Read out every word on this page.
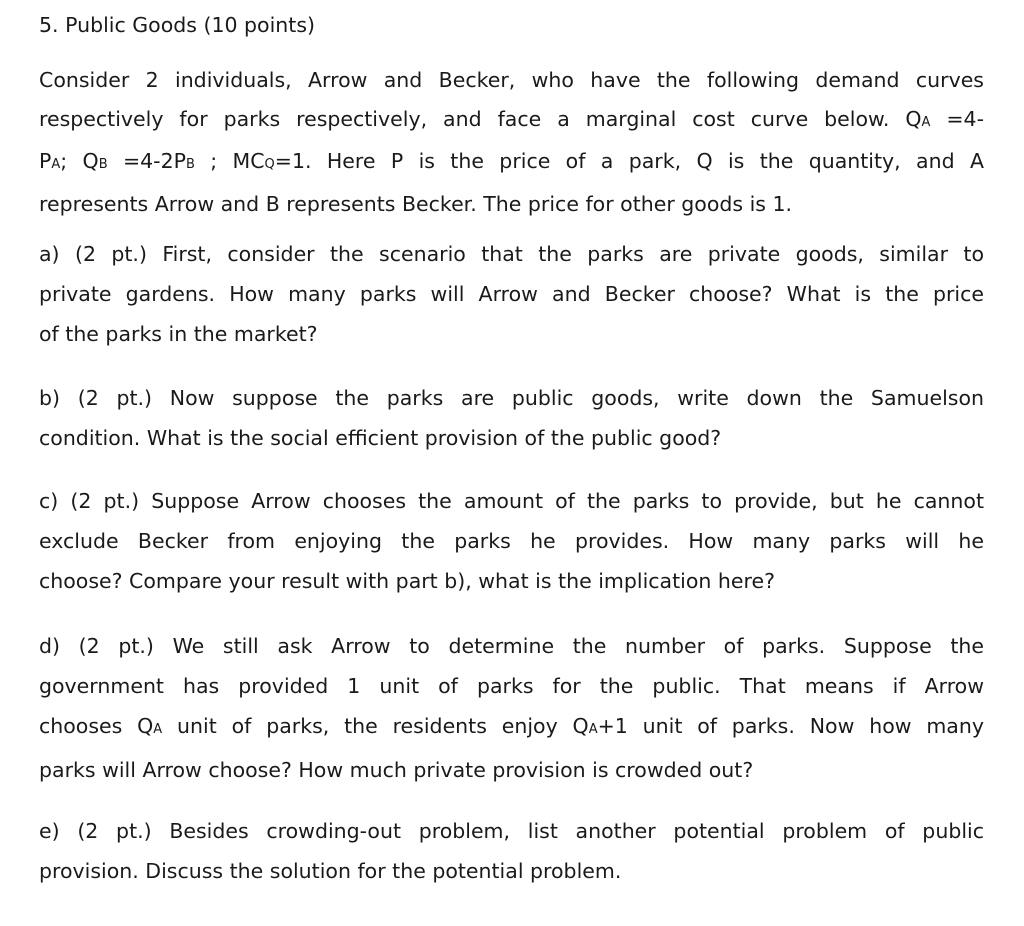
5. Public Goods (10 points)
Consider 2 individuals, Arrow and Becker, who have the following demand curves
respectively for parks respectively, and face a marginal cost curve below. QA =4-
PA; QB =4-2PB ; MCQ=1. Here P is the price of a park, Q is the quantity, and A
represents Arrow and B represents Becker. The price for other goods is 1.
a) (2 pt.) First, consider the scenario that the parks are private goods, similar to
private gardens. How many parks will Arrow and Becker choose? What is the price
of the parks in the market?
b) (2 pt.) Now suppose the parks are public goods, write down the Samuelson
condition. What is the social efficient provision of the public good?
c) (2 pt.) Suppose Arrow chooses the amount of the parks to provide, but he cannot
exclude Becker from enjoying the parks he provides. How many parks will he
choose? Compare your result with part b), what is the implication here?
d) (2 pt.) We still ask Arrow to determine the number of parks. Suppose the
government has provided 1 unit of parks for the public. That means if Arrow
chooses QA unit of parks, the residents enjoy QA+1 unit of parks. Now how many
parks will Arrow choose? How much private provision is crowded out?
e) (2 pt.) Besides crowding-out problem, list another potential problem of public
provision. Discuss the solution for the potential problem.
